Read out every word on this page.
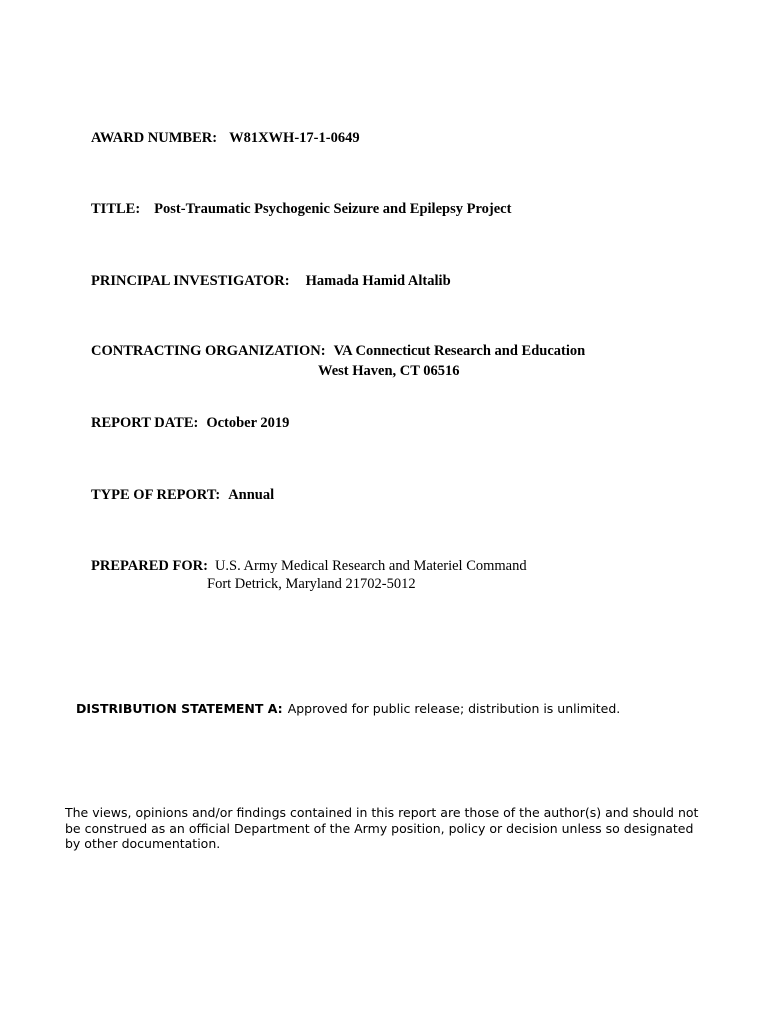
AWARD NUMBER: W81XWH-17-1-0649
TITLE: Post-Traumatic Psychogenic Seizure and Epilepsy Project
PRINCIPAL INVESTIGATOR: Hamada Hamid Altalib
CONTRACTING ORGANIZATION: VA Connecticut Research and Education
West Haven, CT 06516
REPORT DATE: October 2019
TYPE OF REPORT: Annual
PREPARED FOR: U.S. Army Medical Research and Materiel Command
Fort Detrick, Maryland 21702-5012
DISTRIBUTION STATEMENT A: Approved for public release; distribution is unlimited.
The views, opinions and/or findings contained in this report are those of the author(s) and should not
be construed as an official Department of the Army position, policy or decision unless so designated
by other documentation.
